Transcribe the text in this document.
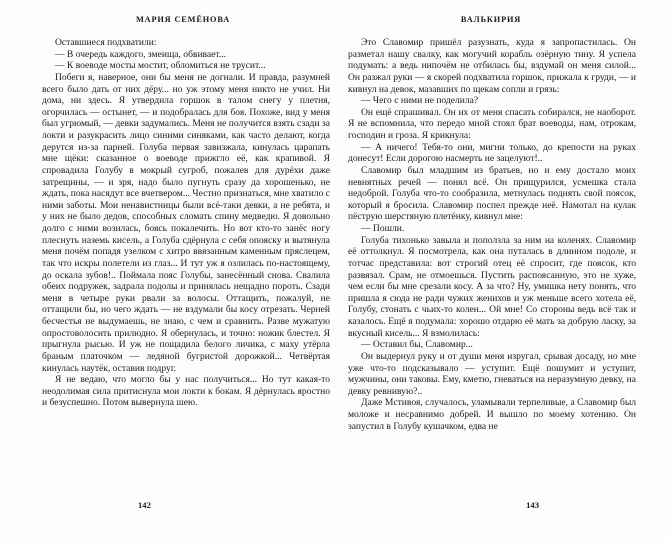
МАРИЯ СЕМЁНОВА

Оставшиеся подхватили:

— В очередь каждого, змеища, обвивает...

— К воеводе мосты мостит, обломиться не трусит...

Побеги я, наверное, они бы меня не догнали. И правда, разумней всего было дать от них дёру... но уж этому меня никто не учил. Ни дома, ни здесь. Я утвердила горшок в талом снегу у плетня, огорчилась — остынет, — и подобралась для боя. Похоже, вид у меня был угрюмый, — девки задумались. Меня не получится взять сзади за локти и разукрасить лицо синими синяками, как часто делают, когда дерутся из-за парней. Голуба первая завизжала, кинулась царапать мне щёки: сказанное о воеводе прижгло её, как крапивой. Я спровадила Голубу в мокрый сугроб, пожалев для дурёхи даже затрещины, — и зря, надо было пугнуть сразу да хорошенько, не ждать, пока насядут все вчетвером... Честно признаться, мне хватило с ними заботы. Мои ненавистницы были всё-таки девки, а не ребята, и у них не было дедов, способных сломать спину медведю. Я довольно долго с ними возилась, боясь покалечить. Но вот кто-то занёс ногу плеснуть наземь кисель, а Голуба сдёрнула с себя опояску и вытянула меня почём попадя узелком с хитро ввязанным каменным пряслецем, так что искры полетели из глаз... И тут уж я озлилась по-настоящему, до оскала зубов!.. Поймала пояс Голубы, занесённый снова. Свалила обеих подружек, задрала подолы и принялась нещадно пороть. Сзади меня в четыре руки рвали за волосы. Оттащить, пожалуй, не оттащили бы, но чего ждать — не вздумали бы косу отрезать. Черней бесчестья не выдумаешь, не знаю, с чем и сравнить. Разве мужатую опростоволосить прилюдно. Я обернулась, и точно: ножик блестел. Я прыгнула рысью. И уж не пощадила белого личика, с маху утёрла браным платочком — ледяной бугристой дорожкой... Четвёртая кинулась наутёк, оставив подруг.

Я не ведаю, что могло бы у нас получиться... Но тут какая-то неодолимая сила притиснула мои локти к бокам. Я дёрнулась яростно и безуспешно. Потом вывернула шею.

142
ВАЛЬКИРИЯ

Это Славомир пришёл разузнать, куда я запропастилась. Он разметал нашу свалку, как могучий корабль озёрную тину. Я успела подумать: а ведь нипочём не отбилась бы, вздумай он меня силой... Он разжал руки — я скорей подхватила горшок, прижала к груди, — и кивнул на девок, мазавших по щекам сопли и грязь:

— Чего с ними не поделила?

Он ещё спрашивал. Он их от меня спасать собирался, не наоборот. Я не вспомнила, что передо мной стоял брат воеводы, нам, отрокам, господин и гроза. Я крикнула:

— А ничего! Тебя-то они, мигни только, до крепости на руках донесут! Если дорогою насмерть не зацелуют!..

Славомир был младшим из братьев, но и ему достало моих невнятных речей — понял всё. Он прищурился, усмешка стала недоброй. Голуба что-то сообразила, метнулась поднять свой поясок, который я бросила. Славомир поспел прежде неё. Намотал на кулак пёструю шерстяную плетёнку, кивнул мне:

— Пошли.

Голуба тихонько завыла и поползла за ним на коленях. Славомир её оттолкнул. Я посмотрела, как она путалась в длинном подоле, и тотчас представила: вот строгий отец её спросит, где поясок, кто развязал. Срам, не отмоешься. Пустить распоясанную, это не хуже, чем если бы мне срезали косу. А за что? Ну, умишка нету понять, что пришла я сюда не ради чужих женихов и уж меньше всего хотела её, Голубу, стонать с чьих-то колен... Ой мне! Со стороны ведь всё так и казалось. Ещё я подумала: хорошо отдарю её мать за добрую ласку, за вкусный кисель... Я взмолилась:

— Оставил бы, Славомир...

Он выдернул руку и от души меня изругал, срывая досаду, но мне уже что-то подсказывало — уступит. Ещё пошумит и уступит, мужчины, они таковы. Ему, кметю, гневаться на неразумную девку, на девку ревнивую?..

Даже Мстивоя, случалось, уламывали терпеливые, а Славомир был моложе и несравнимо добрей. И вышло по моему хотению. Он запустил в Голубу кушачком, едва не

143
